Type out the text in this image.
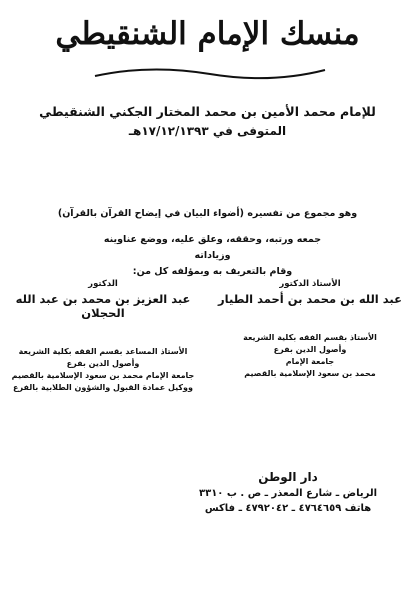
منسك الإمام الشنقيطي
للإمام محمد الأمين بن محمد المختار الجكني الشنقيطي
المتوفى في ١٧/١٢/١٣٩٣هـ
وهو مجموع من تفسيره (أضواء البيان في إيضاح القرآن بالقرآن)
جمعه ورتبه، وحققه، وعلق عليه، ووضع عناوينه وزياداته
وقام بالتعريف به وبمؤلفه كل من:
الأستاذ الدكتور
عبد الله بن محمد بن أحمد الطيار
الأستاذ بقسم الفقه بكلية الشريعة
وأصول الدين بفرع
جامعة الإمام
محمد بن سعود الإسلامية بالقصيم
الدكتور
عبد العزيز بن محمد بن عبد الله الحجلان
الأستاذ المساعد بقسم الفقه بكلية الشريعة
وأصول الدين بفرع
جامعة الإمام محمد بن سعود الإسلامية بالقصيم
ووكيل عمادة القبول والشؤون الطلابية بالفرع
دار الوطن
الرياض ـ شارع المعذر ـ ص . ب ٣٣١٠
هاتف ٤٧٦٤٦٥٩ ـ ٤٧٩٢٠٤٢ ـ فاكس
